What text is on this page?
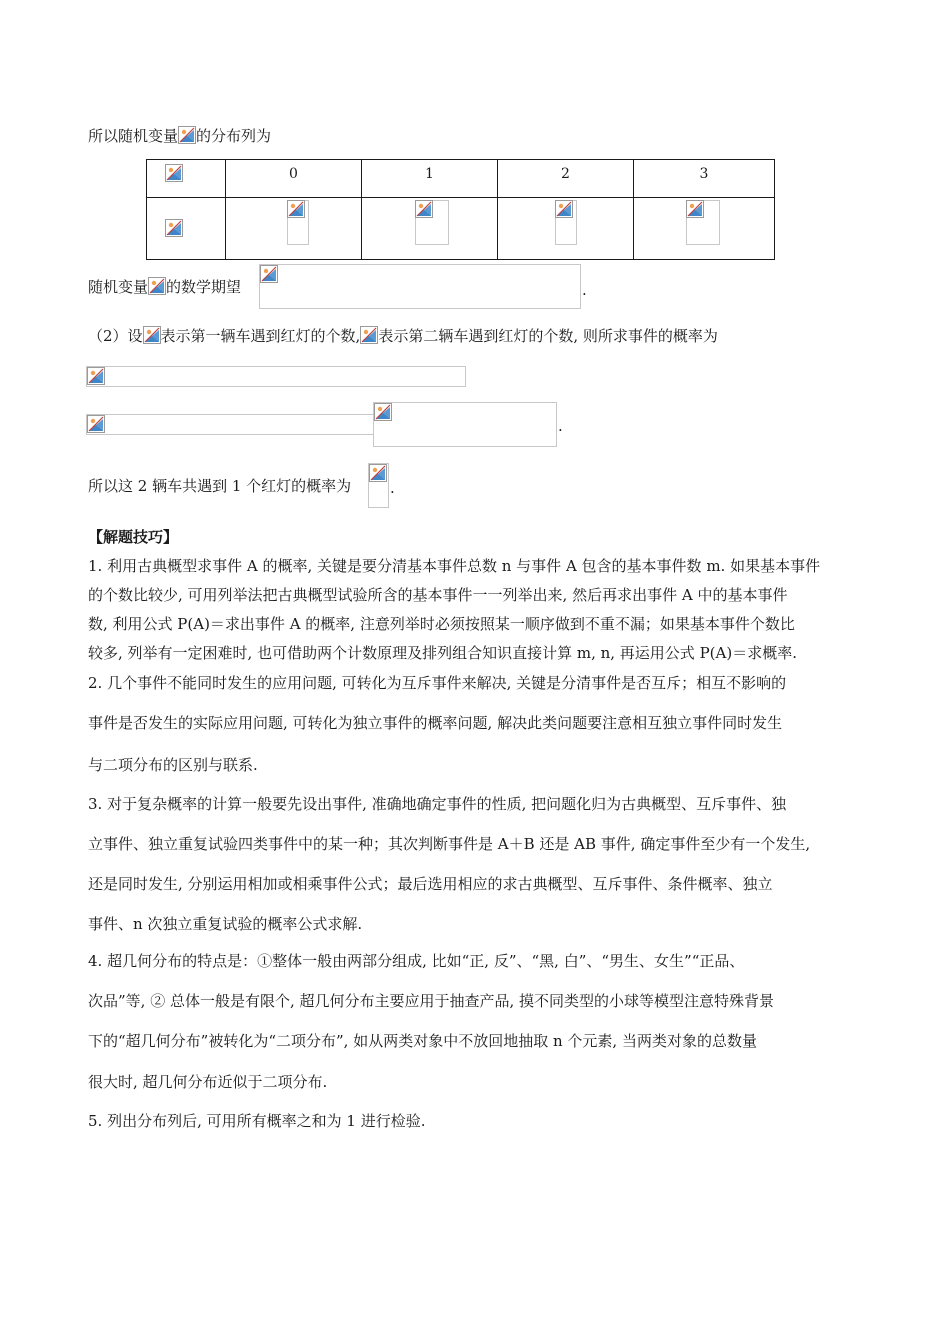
所以随机变量 的分布列为
	0	1	2	3

随机变量 的数学期望	.
（2）设 表示第一辆车遇到红灯的个数, 表示第二辆车遇到红灯的个数, 则所求事件的概率为
.
所以这 2 辆车共遇到 1 个红灯的概率为	.
【解题技巧】
1. 利用古典概型求事件 A 的概率, 关键是要分清基本事件总数 n 与事件 A 包含的基本事件数 m. 如果基本事件
的个数比较少, 可用列举法把古典概型试验所含的基本事件一一列举出来, 然后再求出事件 A 中的基本事件
数, 利用公式 P(A)＝求出事件 A 的概率, 注意列举时必须按照某一顺序做到不重不漏；如果基本事件个数比
较多, 列举有一定困难时, 也可借助两个计数原理及排列组合知识直接计算 m, n, 再运用公式 P(A)＝求概率.
2. 几个事件不能同时发生的应用问题, 可转化为互斥事件来解决, 关键是分清事件是否互斥；相互不影响的
事件是否发生的实际应用问题, 可转化为独立事件的概率问题, 解决此类问题要注意相互独立事件同时发生
与二项分布的区别与联系.
3. 对于复杂概率的计算一般要先设出事件, 准确地确定事件的性质, 把问题化归为古典概型、互斥事件、独
立事件、独立重复试验四类事件中的某一种；其次判断事件是 A＋B 还是 AB 事件, 确定事件至少有一个发生,
还是同时发生, 分别运用相加或相乘事件公式；最后选用相应的求古典概型、互斥事件、条件概率、独立
事件、n 次独立重复试验的概率公式求解.
4. 超几何分布的特点是：①整体一般由两部分组成, 比如“正, 反”、“黑, 白”、“男生、女生”“正品、
次品”等, ② 总体一般是有限个, 超几何分布主要应用于抽查产品, 摸不同类型的小球等模型注意特殊背景
下的“超几何分布”被转化为“二项分布”, 如从两类对象中不放回地抽取 n 个元素, 当两类对象的总数量
很大时, 超几何分布近似于二项分布.
5. 列出分布列后, 可用所有概率之和为 1 进行检验.
